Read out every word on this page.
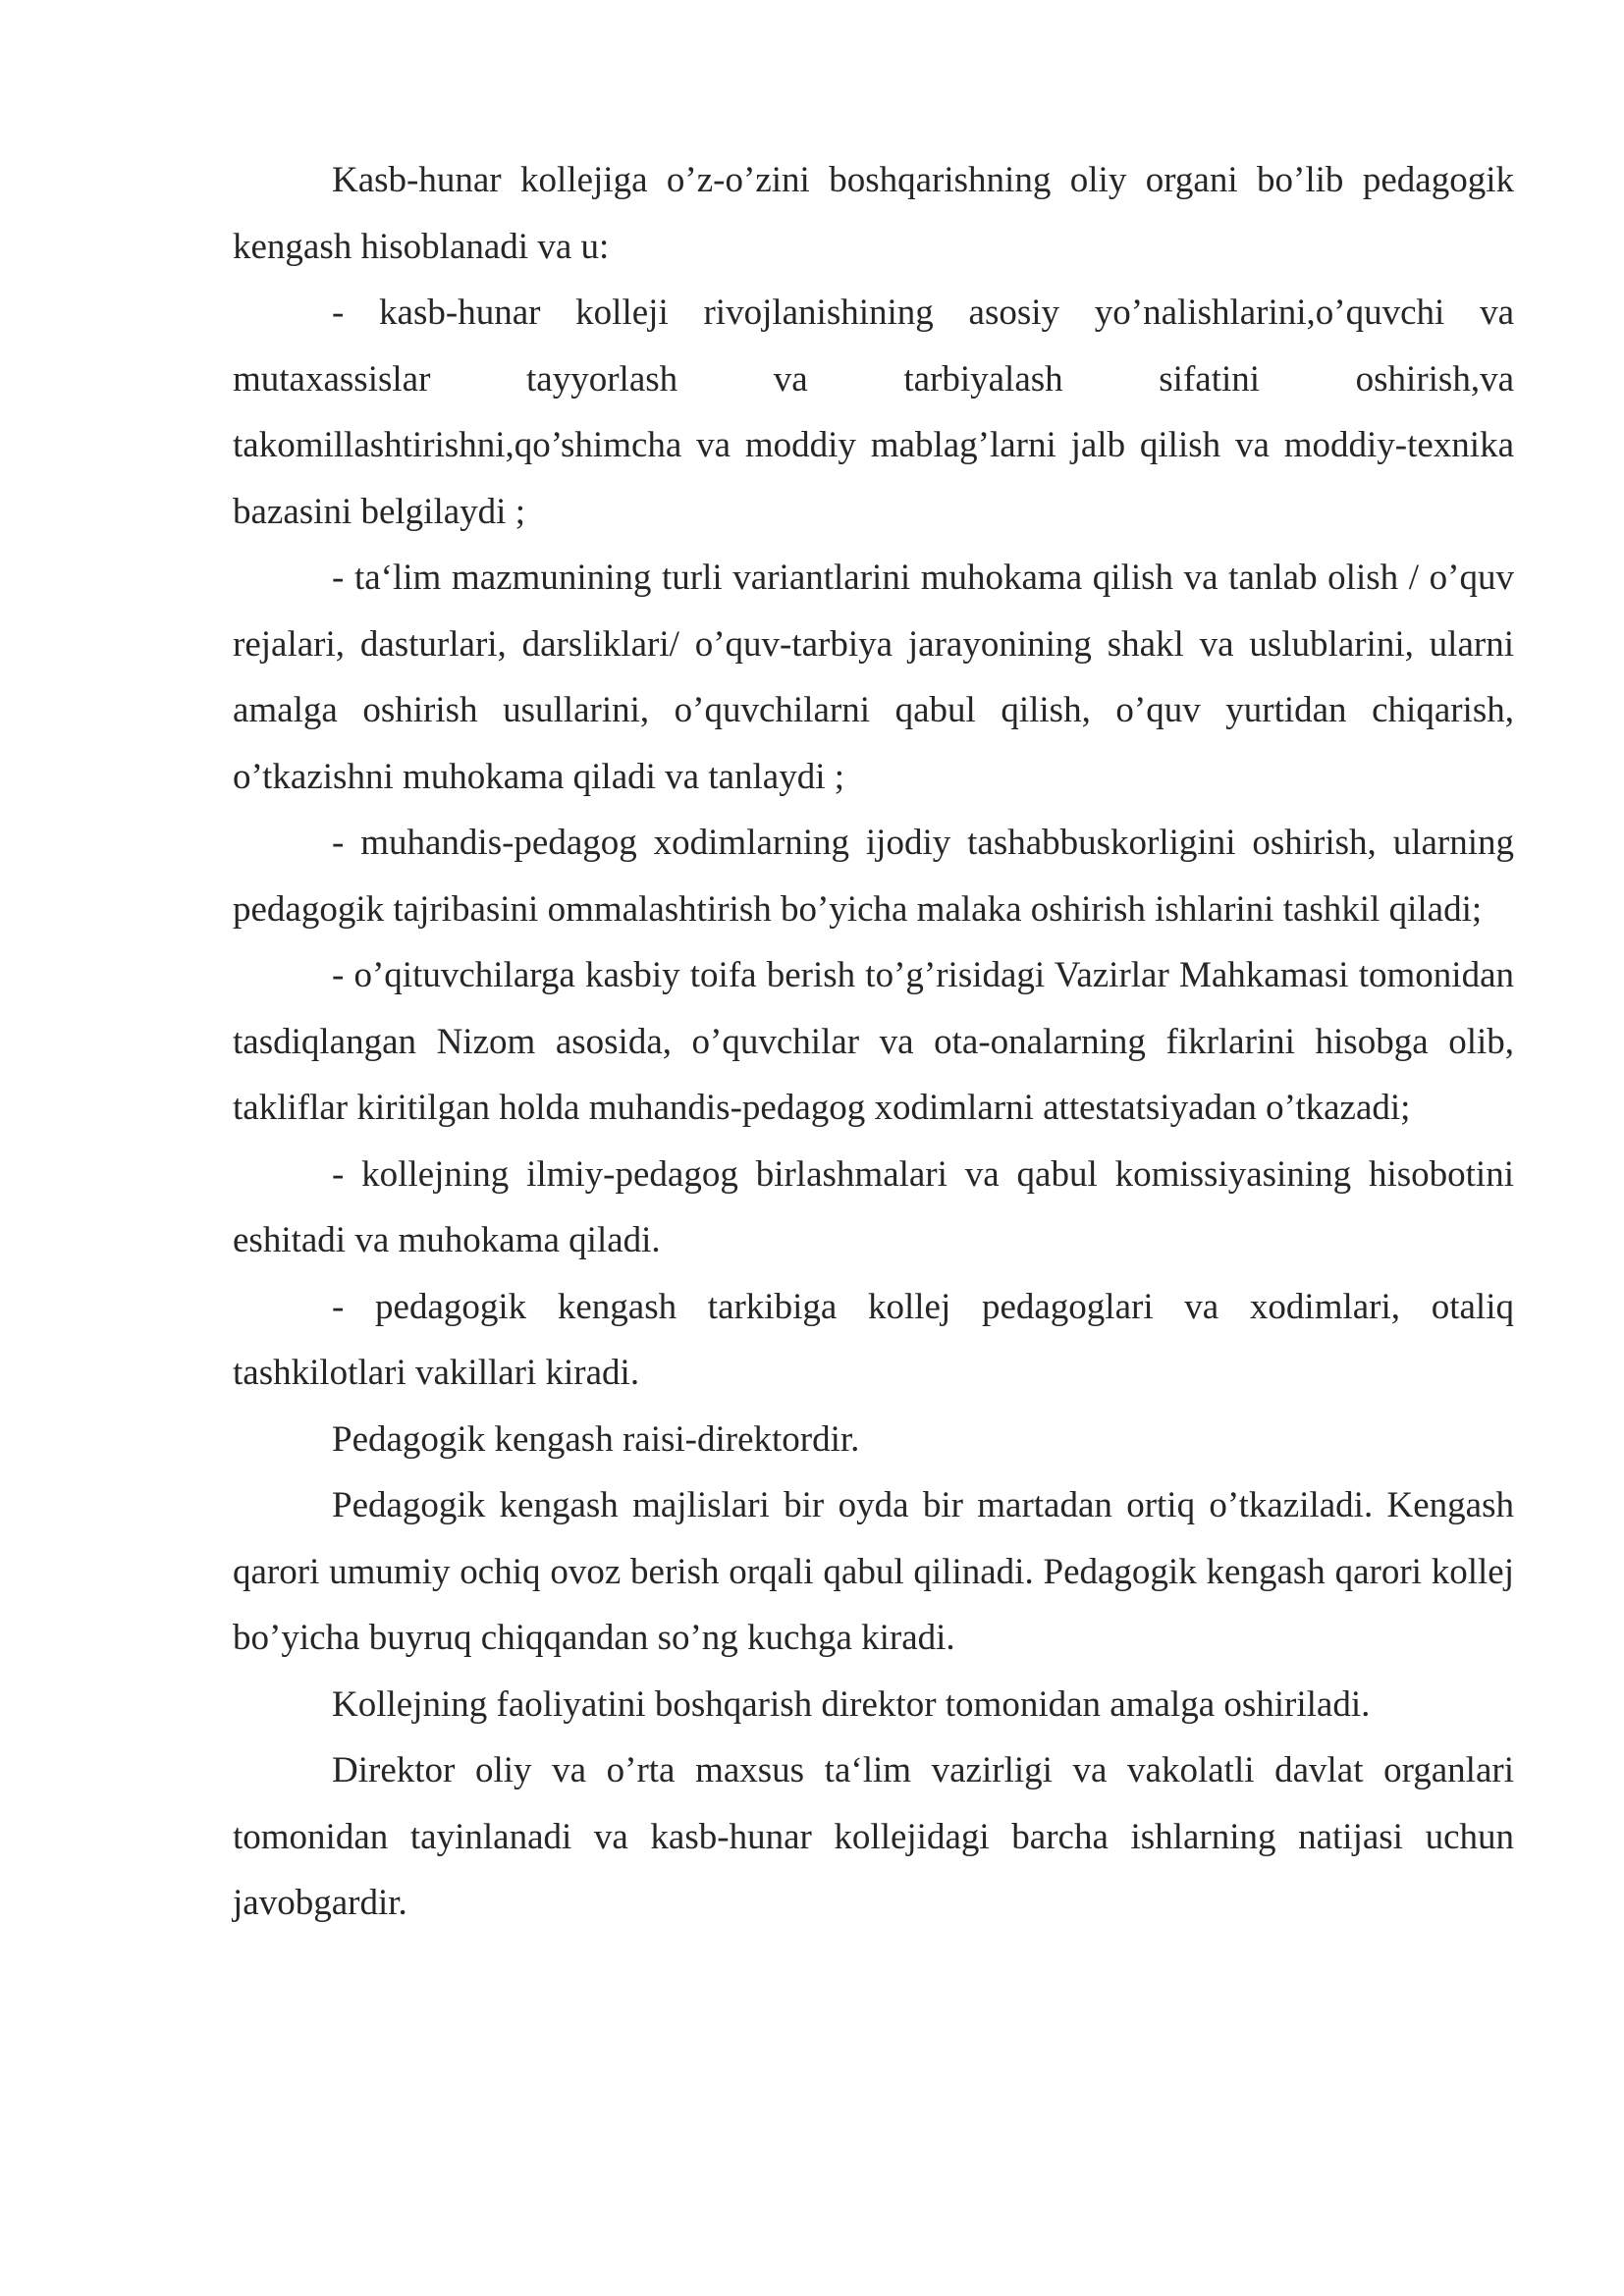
Kasb-hunar kollejiga o’z-o’zini boshqarishning oliy organi bo’lib pedagogik kengash hisoblanadi va u:

- kasb-hunar kolleji rivojlanishining asosiy yo’nalishlarini,o’quvchi va mutaxassislar tayyorlash va tarbiyalash sifatini oshirish,va takomillashtirishni,qo’shimcha va moddiy mablag’larni jalb qilish va moddiy-texnika bazasini belgilaydi ;

- ta‘lim mazmunining turli variantlarini muhokama qilish va tanlab olish / o’quv rejalari, dasturlari, darsliklari/ o’quv-tarbiya jarayonining shakl va uslublarini, ularni amalga oshirish usullarini, o’quvchilarni qabul qilish, o’quv yurtidan chiqarish, o’tkazishni muhokama qiladi va tanlaydi ;

- muhandis-pedagog xodimlarning ijodiy tashabbuskorligini oshirish, ularning pedagogik tajribasini ommalashtirish bo’yicha malaka oshirish ishlarini tashkil qiladi;

- o’qituvchilarga kasbiy toifa berish to’g’risidagi Vazirlar Mahkamasi tomonidan tasdiqlangan Nizom asosida, o’quvchilar va ota-onalarning fikrlarini hisobga olib, takliflar kiritilgan holda muhandis-pedagog xodimlarni attestatsiyadan o’tkazadi;

- kollejning ilmiy-pedagog birlashmalari va qabul komissiyasining hisobotini eshitadi va muhokama qiladi.

- pedagogik kengash tarkibiga kollej pedagoglari va xodimlari, otaliq tashkilotlari vakillari kiradi.

Pedagogik kengash raisi-direktordir.

Pedagogik kengash majlislari bir oyda bir martadan ortiq o’tkaziladi. Kengash qarori umumiy ochiq ovoz berish orqali qabul qilinadi. Pedagogik kengash qarori kollej bo’yicha buyruq chiqqandan so’ng kuchga kiradi.

Kollejning faoliyatini boshqarish direktor tomonidan amalga oshiriladi.

Direktor oliy va o’rta maxsus ta‘lim vazirligi va vakolatli davlat organlari tomonidan tayinlanadi va kasb-hunar kollejidagi barcha ishlarning natijasi uchun javobgardir.
